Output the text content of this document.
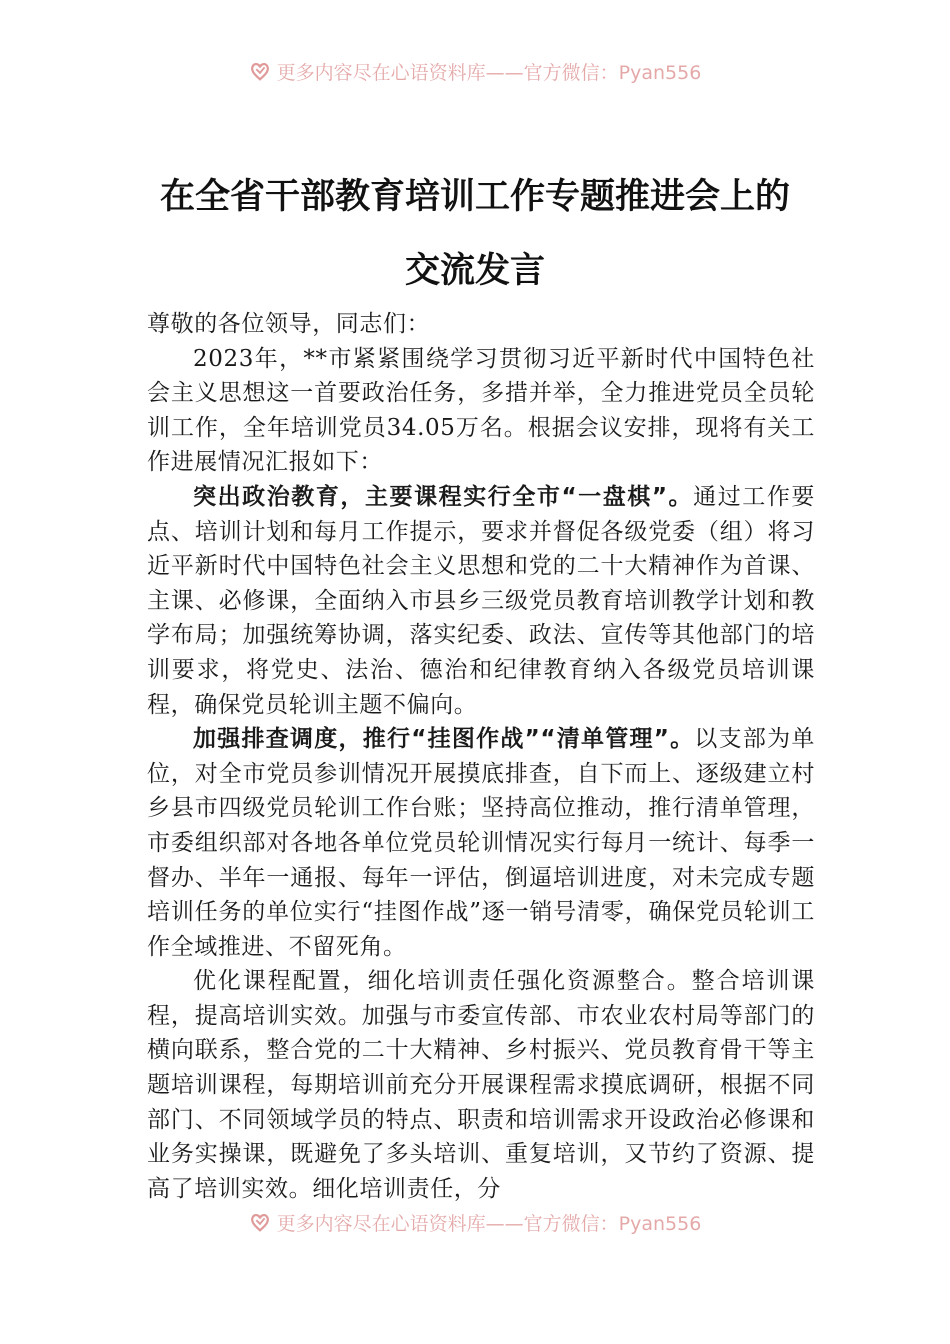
更多内容尽在心语资料库——官方微信：Pyan556
在全省干部教育培训工作专题推进会上的
交流发言

尊敬的各位领导，同志们：

2023年，**市紧紧围绕学习贯彻习近平新时代中国特色社会主义思想这一首要政治任务，多措并举，全力推进党员全员轮训工作，全年培训党员34.05万名。根据会议安排，现将有关工作进展情况汇报如下：

突出政治教育，主要课程实行全市“一盘棋”。通过工作要点、培训计划和每月工作提示，要求并督促各级党委（组）将习近平新时代中国特色社会主义思想和党的二十大精神作为首课、主课、必修课，全面纳入市县乡三级党员教育培训教学计划和教学布局；加强统筹协调，落实纪委、政法、宣传等其他部门的培训要求，将党史、法治、德治和纪律教育纳入各级党员培训课程，确保党员轮训主题不偏向。

加强排查调度，推行“挂图作战”“清单管理”。以支部为单位，对全市党员参训情况开展摸底排查，自下而上、逐级建立村乡县市四级党员轮训工作台账；坚持高位推动，推行清单管理，市委组织部对各地各单位党员轮训情况实行每月一统计、每季一督办、半年一通报、每年一评估，倒逼培训进度，对未完成专题培训任务的单位实行“挂图作战”逐一销号清零，确保党员轮训工作全域推进、不留死角。

优化课程配置，细化培训责任强化资源整合。整合培训课程，提高培训实效。加强与市委宣传部、市农业农村局等部门的横向联系，整合党的二十大精神、乡村振兴、党员教育骨干等主题培训课程，每期培训前充分开展课程需求摸底调研，根据不同部门、不同领域学员的特点、职责和培训需求开设政治必修课和业务实操课，既避免了多头培训、重复培训，又节约了资源、提高了培训实效。细化培训责任，分

更多内容尽在心语资料库——官方微信：Pyan556
